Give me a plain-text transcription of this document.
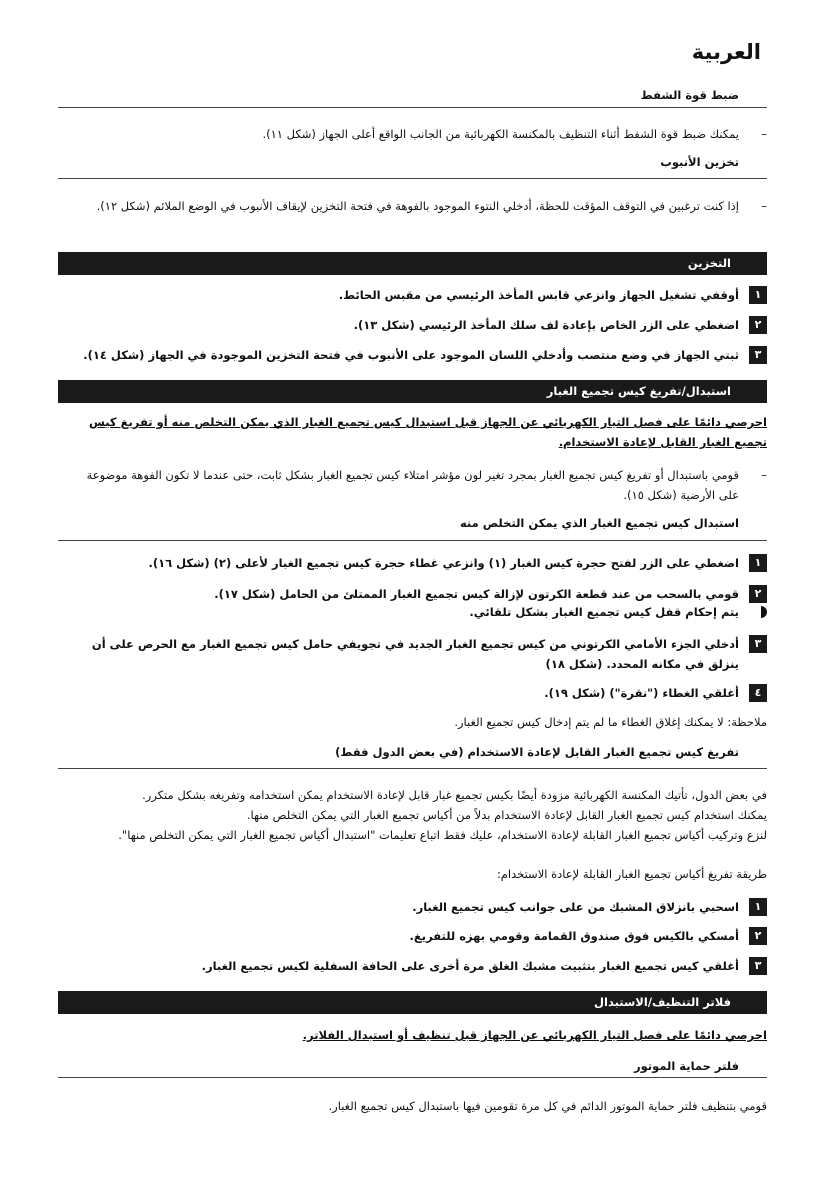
العربية
ضبط قوة الشفط
–
يمكنك ضبط قوة الشفط أثناء التنظيف بالمكنسة الكهربائية من الجانب الواقع أعلى الجهاز (شكل ١١).
تخزين الأنبوب
–
إذا كنت ترغبين في التوقف المؤقت للحظة، أدخلي النتوء الموجود بالفوهة في فتحة التخزين لإيقاف الأنبوب في الوضع الملائم (شكل ١٢).
التخزين
١
أوقفي تشغيل الجهاز وانزعي قابس المأخذ الرئيسي من مقبس الحائط.
٢
اضغطي على الزر الخاص بإعادة لف سلك المأخذ الرئيسي (شكل ١٣).
٣
ثبتي الجهاز في وضع منتصب وأدخلي اللسان الموجود على الأنبوب في فتحة التخزين الموجودة في الجهاز (شكل ١٤).
استبدال/تفريغ كيس تجميع الغبار
احرصي دائمًا على فصل التيار الكهربائي عن الجهاز قبل استبدال كيس تجميع الغبار الذي يمكن التخلص منه أو تفريغ كيس تجميع الغبار القابل لإعادة الاستخدام.
–
قومي باستبدال أو تفريغ كيس تجميع الغبار بمجرد تغير لون مؤشر امتلاء كيس تجميع الغبار بشكل ثابت، حتى عندما لا تكون الفوهة موضوعة على الأرضية (شكل ١٥).
استبدال كيس تجميع الغبار الذي يمكن التخلص منه
١
اضغطي على الزر لفتح حجرة كيس الغبار (١) وانزعي غطاء حجرة كيس تجميع الغبار لأعلى (٢) (شكل ١٦).
٢
قومي بالسحب من عند قطعة الكرتون لإزالة كيس تجميع الغبار الممتلئ من الحامل (شكل ١٧).
يتم إحكام قفل كيس تجميع الغبار بشكل تلقائي.
٣
أدخلي الجزء الأمامي الكرتوني من كيس تجميع الغبار الجديد في تجويفي حامل كيس تجميع الغبار مع الحرص على أن ينزلق في مكانه المحدد. (شكل ١٨)
٤
أغلقي الغطاء ("نقرة") (شكل ١٩).
ملاحظة: لا يمكنك إغلاق الغطاء ما لم يتم إدخال كيس تجميع الغبار.
تفريغ كيس تجميع الغبار القابل لإعادة الاستخدام (في بعض الدول فقط)
في بعض الدول، تأتيك المكنسة الكهربائية مزودة أيضًا بكيس تجميع غبار قابل لإعادة الاستخدام يمكن استخدامه وتفريغه بشكل متكرر.
يمكنك استخدام كيس تجميع الغبار القابل لإعادة الاستخدام بدلاً من أكياس تجميع الغبار التي يمكن التخلص منها.
لنزع وتركيب أكياس تجميع الغبار القابلة لإعادة الاستخدام، عليك فقط اتباع تعليمات "استبدال أكياس تجميع الغبار التي يمكن التخلص منها".
طريقة تفريغ أكياس تجميع الغبار القابلة لإعادة الاستخدام:
١
اسحبي بانزلاق المشبك من على جوانب كيس تجميع الغبار.
٢
أمسكي بالكيس فوق صندوق القمامة وقومي بهزه للتفريغ.
٣
أغلقي كيس تجميع الغبار بتثبيت مشبك الغلق مرة أخرى على الحافة السفلية لكيس تجميع الغبار.
فلاتر التنظيف/الاستبدال
احرصي دائمًا على فصل التيار الكهربائي عن الجهاز قبل تنظيف أو استبدال الفلاتر.
فلتر حماية الموتور
قومي بتنظيف فلتر حماية الموتور الدائم في كل مرة تقومين فيها باستبدال كيس تجميع الغبار.
